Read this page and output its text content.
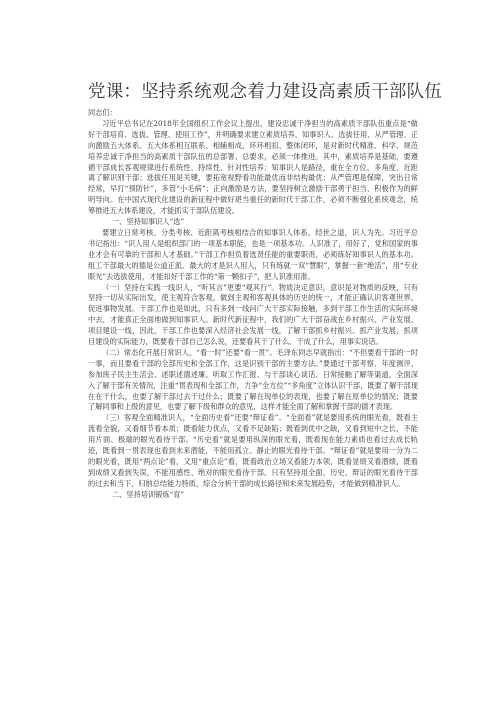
党课：坚持系统观念着力建设高素质干部队伍

同志们：

习近平总书记在2018年全国组织工作会议上提出，建设忠诚干净担当的高素质干部队伍重点是“做好干部培育、选拔、管理、使用工作”，并明确要求建立素质培养、知事识人、选拔任用、从严管理、正向激励五大体系。五大体系相互联系、相辅相成，环环相扣、整体闭环，是对新时代精准、科学、规范培养忠诚干净担当的高素质干部队伍的总部署、总要求，必须一体推进。其中，素质培养是基础，要遵循干部成长客观规律进行系统性、持续性、针对性培养；知事识人是路径，重在全方位、多角度、近距离了解识别干部；选拔任用是关键，要拓宽视野看功能最优而非结构最优；从严管理是保障，突出日常经常，早打“预防针”，多管“小毛病”；正向激励是方法，要坚持树立激励干部勇于担当、积极作为的鲜明导向。在中国式现代化建设的新征程中做好堪当重任的新时代干部工作，必须不断强化系统观念，统筹推进五大体系建设，才能抓实干部队伍建设。

一、坚持知事识人“选”

要建立日常考核、分类考核、近距离考核相结合的知事识人体系，经世之道，识人为先。习近平总书记指出：“识人用人是组织部门的一项基本职能，也是一项基本功。人识准了，用好了，党和国家的事业才会有可靠的干部和人才基础。”干部工作担负着选贤任能的重要职责，必须练好知事识人的基本功。组工干部最大的德是公道正派、最大的才是识人用人，只有练就一双“慧眼”，掌握一套“绝活”，用“专业眼光”去选拔使用，才能扣好干部工作的“第一颗扣子”，把人识准用准。

（一）坚持在实践一线识人，“听其言”更要“观其行”。物质决定意识，意识是对物质的反映，只有坚持一切从实际出发，使主观符合客观，做到主观和客观具体的历史的统一，才能正确认识客观世界，促进事物发展。干部工作也是如此，只有多到一线问广大干部实际接触，多到干部工作生活的实际环境中去，才能真正全面地做到知事识人。新时代新征程中，我们的广大干部奋战在乡村振兴、产业发展、项目建设一线，因此，干部工作也要深入经济社会发展一线，了解干部抓乡村振兴、抓产业发展、抓项目建设的实际能力，既要看干部自己怎么说，还要看其干了什么、干成了什么，用事实说话。

（二）常态化开展日常识人，“看一时”还要“看一贯”。毛泽东同志早就指出：“不但要看干部的一时一事，而且要看干部的全部历史和全部工作，这是识别干部的主要方法。”要通过干部考察、年度测评、参加班子民主生活会、述职述德述廉、听取工作汇报、与干部谈心谈话、日常接触了解等渠道，全面深入了解干部有关情况，注重“贯表现和全部工作，力争“全方位”“多角度”立体认识干部，既要了解干部现在在干什么，也要了解干部过去干过什么；既要了解在现单位的表现，也要了解在原单位的情况；既要了解同事和上级的意见，也要了解下级和群众的意见，这样才能全面了解和掌握干部的德才表现。

（三）客观全面精准识人，“全面历史看”还要“辩证看”。“全面看”就是要用系统的眼光看，既看主流看全貌，又看细节看本质；既看能力优点，又看不足缺陷；既看到优中之缺，又看到短中之长，不能用片面、极端的眼光看待干部。“历史看”就是要用纵深的眼光看，既看现在能力素质也看过去成长轨迹，既看到一贯表现也看到未来潜能，不能用孤立、静止的眼光看待干部。“辩证看”就是要用一分为二的眼光看，既用“两点论”看，又用“重点论”看，既看政治立场又看能力本领，既看显绩又看潜绩，既看到成绩又看到失误，不能用感性、绝对的眼光看待干部。只有坚持用全面、历史、辩证的眼光看待干部的过去和当下，归纳总结能力特质，综合分析干部的成长路径和未来发展趋势，才能做到精准识人。

二、坚持培训锻炼“育”
